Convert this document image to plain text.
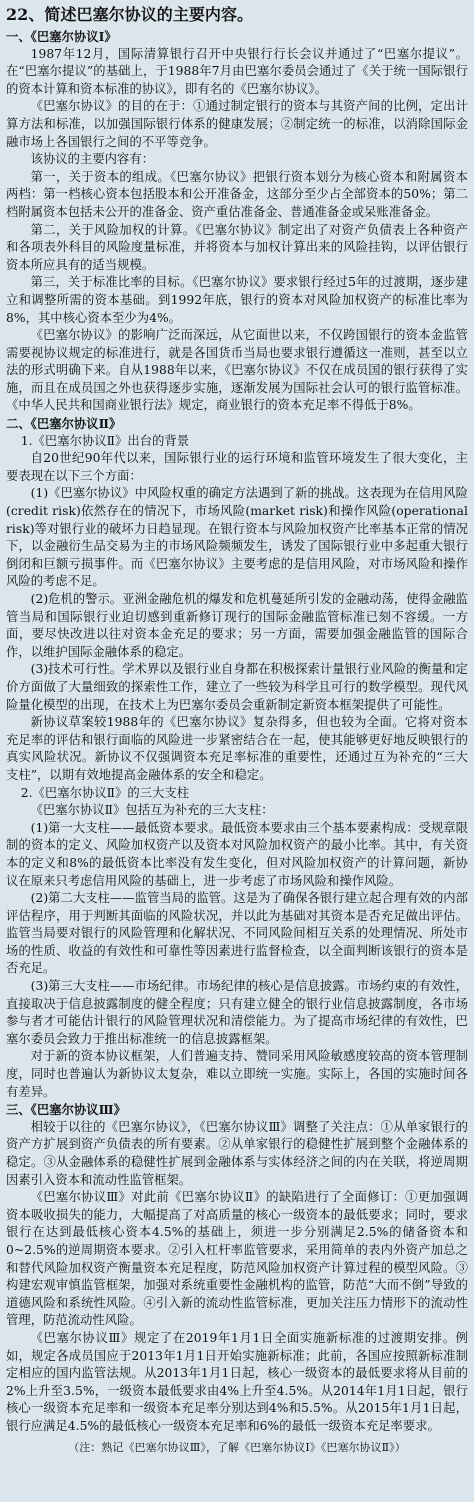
22、简述巴塞尔协议的主要内容。

一、《巴塞尔协议Ⅰ》

1987年12月，国际清算银行召开中央银行行长会议并通过了“巴塞尔提议”。在“巴塞尔提议”的基础上，于1988年7月由巴塞尔委员会通过了《关于统一国际银行的资本计算和资本标准的协议》，即有名的《巴塞尔协议》。

《巴塞尔协议》的目的在于：①通过制定银行的资本与其资产间的比例，定出计算方法和标准，以加强国际银行体系的健康发展；②制定统一的标准，以消除国际金融市场上各国银行之间的不平等竞争。

该协议的主要内容有：

第一，关于资本的组成。《巴塞尔协议》把银行资本划分为核心资本和附属资本两档：第一档核心资本包括股本和公开准备金，这部分至少占全部资本的50%；第二档附属资本包括未公开的准备金、资产重估准备金、普通准备金或呆账准备金。

第二，关于风险加权的计算。《巴塞尔协议》制定出了对资产负债表上各种资产和各项表外科目的风险度量标准，并将资本与加权计算出来的风险挂钩，以评估银行资本所应具有的适当规模。

第三，关于标准比率的目标。《巴塞尔协议》要求银行经过5年的过渡期，逐步建立和调整所需的资本基础。到1992年底，银行的资本对风险加权资产的标准比率为8%，其中核心资本至少为4%。

《巴塞尔协议》的影响广泛而深远，从它面世以来，不仅跨国银行的资本金监管需要视协议规定的标准进行，就是各国货币当局也要求银行遵循这一准则，甚至以立法的形式明确下来。自从1988年以来，《巴塞尔协议》不仅在成员国的银行获得了实施，而且在成员国之外也获得逐步实施，逐渐发展为国际社会认可的银行监管标准。《中华人民共和国商业银行法》规定，商业银行的资本充足率不得低于8%。

二、《巴塞尔协议Ⅱ》

1.《巴塞尔协议Ⅱ》出台的背景

自20世纪90年代以来，国际银行业的运行环境和监管环境发生了很大变化，主要表现在以下三个方面：

(1)《巴塞尔协议》中风险权重的确定方法遇到了新的挑战。这表现为在信用风险(credit risk)依然存在的情况下，市场风险(market risk)和操作风险(operational risk)等对银行业的破坏力日趋显现。在银行资本与风险加权资产比率基本正常的情况下，以金融衍生品交易为主的市场风险频频发生，诱发了国际银行业中多起重大银行倒闭和巨额亏损事件。而《巴塞尔协议》主要考虑的是信用风险，对市场风险和操作风险的考虑不足。

(2)危机的警示。亚洲金融危机的爆发和危机蔓延所引发的金融动荡，使得金融监管当局和国际银行业迫切感到重新修订现行的国际金融监管标准已刻不容缓。一方面，要尽快改进以往对资本金充足的要求；另一方面，需要加强金融监管的国际合作，以维护国际金融体系的稳定。

(3)技术可行性。学术界以及银行业自身都在积极探索计量银行业风险的衡量和定价方面做了大量细致的探索性工作，建立了一些较为科学且可行的数学模型。现代风险量化模型的出现，在技术上为巴塞尔委员会重新制定新资本框架提供了可能性。

新协议草案较1988年的《巴塞尔协议》复杂得多，但也较为全面。它将对资本充足率的评估和银行面临的风险进一步紧密结合在一起，使其能够更好地反映银行的真实风险状况。新协议不仅强调资本充足率标准的重要性，还通过互为补充的“三大支柱”，以期有效地提高金融体系的安全和稳定。

2.《巴塞尔协议Ⅱ》的三大支柱

《巴塞尔协议Ⅱ》包括互为补充的三大支柱：

(1)第一大支柱——最低资本要求。最低资本要求由三个基本要素构成：受规章限制的资本的定义、风险加权资产以及资本对风险加权资产的最小比率。其中，有关资本的定义和8%的最低资本比率没有发生变化，但对风险加权资产的计算问题，新协议在原来只考虑信用风险的基础上，进一步考虑了市场风险和操作风险。

(2)第二大支柱——监管当局的监管。这是为了确保各银行建立起合理有效的内部评估程序，用于判断其面临的风险状况，并以此为基础对其资本是否充足做出评估。监管当局要对银行的风险管理和化解状况、不同风险间相互关系的处理情况、所处市场的性质、收益的有效性和可靠性等因素进行监督检查，以全面判断该银行的资本是否充足。

(3)第三大支柱——市场纪律。市场纪律的核心是信息披露。市场约束的有效性，直接取决于信息披露制度的健全程度；只有建立健全的银行业信息披露制度，各市场参与者才可能估计银行的风险管理状况和清偿能力。为了提高市场纪律的有效性，巴塞尔委员会致力于推出标准统一的信息披露框架。

对于新的资本协议框架，人们普遍支持、赞同采用风险敏感度较高的资本管理制度，同时也普遍认为新协议太复杂，难以立即统一实施。实际上，各国的实施时间各有差异。

三、《巴塞尔协议Ⅲ》

相较于以往的《巴塞尔协议》，《巴塞尔协议Ⅲ》调整了关注点：①从单家银行的资产方扩展到资产负债表的所有要素。②从单家银行的稳健性扩展到整个金融体系的稳定。③从金融体系的稳健性扩展到金融体系与实体经济之间的内在关联，将逆周期因素引入资本和流动性监管框架。

《巴塞尔协议Ⅲ》对此前《巴塞尔协议Ⅱ》的缺陷进行了全面修订：①更加强调资本吸收损失的能力，大幅提高了对高质量的核心一级资本的最低要求；同时，要求银行在达到最低核心资本4.5%的基础上，须进一步分别满足2.5%的储备资本和0~2.5%的逆周期资本要求。②引入杠杆率监管要求，采用简单的表内外资产加总之和替代风险加权资产衡量资本充足程度，防范风险加权资产计算过程的模型风险。③构建宏观审慎监管框架，加强对系统重要性金融机构的监管，防范“大而不倒”导致的道德风险和系统性风险。④引入新的流动性监管标准，更加关注压力情形下的流动性管理，防范流动性风险。

《巴塞尔协议Ⅲ》规定了在2019年1月1日全面实施新标准的过渡期安排。例如，规定各成员国应于2013年1月1日开始实施新标准；此前，各国应按照新标准制定相应的国内监管法规。从2013年1月1日起，核心一级资本的最低要求将从目前的2%上升至3.5%，一级资本最低要求由4%上升至4.5%。从2014年1月1日起，银行核心一级资本充足率和一级资本充足率分别达到4%和5.5%。从2015年1月1日起，银行应满足4.5%的最低核心一级资本充足率和6%的最低一级资本充足率要求。

（注：熟记《巴塞尔协议Ⅲ》，了解《巴塞尔协议Ⅰ》《巴塞尔协议Ⅱ》）
